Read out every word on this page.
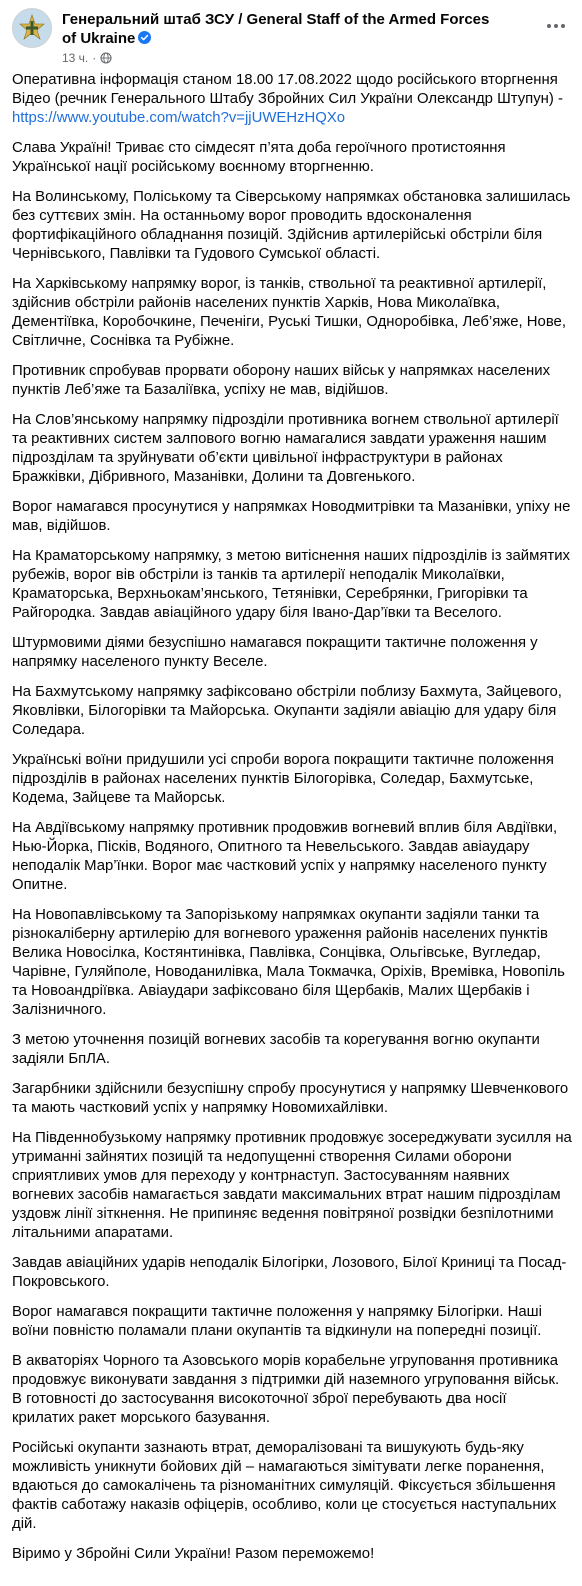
Генеральний штаб ЗСУ / General Staff of the Armed Forces of Ukraine
13 ч. ·

Оперативна інформація станом 18.00 17.08.2022 щодо російського вторгнення Відео (речник Генерального Штабу Збройних Сил України Олександр Штупун) - https://www.youtube.com/watch?v=jjUWEHzHQXo

Слава Україні! Триває сто сімдесят п’ята доба героїчного протистояння Української нації російському воєнному вторгненню.

На Волинському, Поліському та Сіверському напрямках обстановка залишилась без суттєвих змін. На останньому ворог проводить вдосконалення фортифікаційного обладнання позицій. Здійснив артилерійські обстріли біля Чернівського, Павлівки та Гудового Сумської області.

На Харківському напрямку ворог, із танків, ствольної та реактивної артилерії, здійснив обстріли районів населених пунктів Харків, Нова Миколаївка, Дементіївка, Коробочкине, Печеніги, Руські Тишки, Одноробівка, Леб’яже, Нове, Світличне, Соснівка та Рубіжне.

Противник спробував прорвати оборону наших військ у напрямках населених пунктів Леб’яже та Базаліївка, успіху не мав, відійшов.

На Слов’янському напрямку підрозділи противника вогнем ствольної артилерії та реактивних систем залпового вогню намагалися завдати ураження нашим підрозділам та зруйнувати об’єкти цивільної інфраструктури в районах Бражківки, Дібривного, Мазанівки, Долини та Довгенького.

Ворог намагався просунутися у напрямках Новодмитрівки та Мазанівки, упіху не мав, відійшов.

На Краматорському напрямку, з метою витіснення наших підрозділів із займятих рубежів, ворог вів обстріли із танків та артилерії неподалік Миколаївки, Краматорська, Верхньокам’янського, Тетянівки, Серебрянки, Григорівки та Райгородка. Завдав авіаційного удару біля Івано-Дар’ївки та Веселого.

Штурмовими діями безуспішно намагався покращити тактичне положення у напрямку населеного пункту Веселе.

На Бахмутському напрямку зафіксовано обстріли поблизу Бахмута, Зайцевого, Яковлівки, Білогорівки та Майорська. Окупанти задіяли авіацію для удару біля Соледара.

Українські воїни придушили усі спроби ворога покращити тактичне положення підрозділів в районах населених пунктів Білогорівка, Соледар, Бахмутське, Кодема, Зайцеве та Майорськ.

На Авдіївському напрямку противник продовжив вогневий вплив біля Авдіївки, Нью-Йорка, Пісків, Водяного, Опитного та Невельського. Завдав авіаудару неподалік Мар’їнки. Ворог має частковий успіх у напрямку населеного пункту Опитне.

На Новопавлівському та Запорізькому напрямках окупанти задіяли танки та різнокаліберну артилерію для вогневого ураження районів населених пунктів Велика Новосілка, Костянтинівка, Павлівка, Сонцівка, Ольгівське, Вугледар, Чарівне, Гуляйполе, Новоданилівка, Мала Токмачка, Оріхів, Времівка, Новопіль та Новоандріївка. Авіаудари зафіксовано біля Щербаків, Малих Щербаків і Залізничного.

З метою уточнення позицій вогневих засобів та корегування вогню окупанти задіяли БпЛА.

Загарбники здійснили безуспішну спробу просунутися у напрямку Шевченкового та мають частковий успіх у напрямку Новомихайлівки.

На Південнобузькому напрямку противник продовжує зосереджувати зусилля на утриманні зайнятих позицій та недопущенні створення Силами оборони сприятливих умов для переходу у контрнаступ. Застосуванням наявних вогневих засобів намагається завдати максимальних втрат нашим підрозділам уздовж лінії зіткнення. Не припиняє ведення повітряної розвідки безпілотними літальними апаратами.

Завдав авіаційних ударів неподалік Білогірки, Лозового, Білої Криниці та Посад-Покровського.

Ворог намагався покращити тактичне положення у напрямку Білогірки. Наші воїни повністю поламали плани окупантів та відкинули на попередні позиції.

В акваторіях Чорного та Азовського морів корабельне угруповання противника продовжує виконувати завдання з підтримки дій наземного угруповання військ. В готовності до застосування високоточної зброї перебувають два носії крилатих ракет морського базування.

Російські окупанти зазнають втрат, деморалізовані та вишукують будь-яку можливість уникнути бойових дій – намагаються зімітувати легке поранення, вдаються до самокалічень та різноманітних симуляцій. Фіксується збільшення фактів саботажу наказів офіцерів, особливо, коли це стосується наступальних дій.

Віримо у Збройні Сили України! Разом переможемо!
